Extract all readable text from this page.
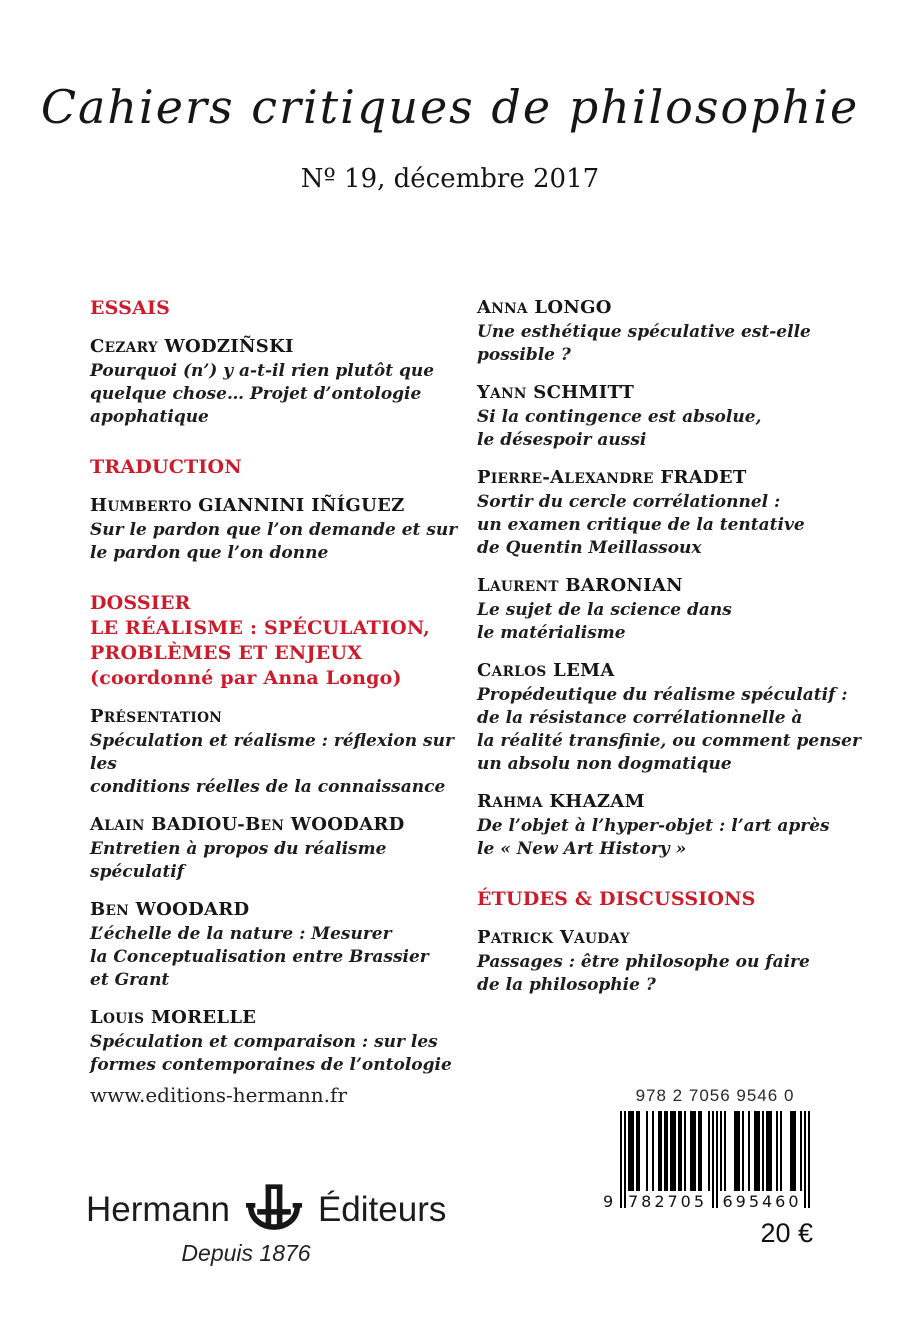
Cahiers critiques de philosophie
Nº 19, décembre 2017
ESSAIS
CEZARY WODZIÑSKI
Pourquoi (n’) y a-t-il rien plutôt que
quelque chose… Projet d’ontologie
apophatique
TRADUCTION
HUMBERTO GIANNINI IÑÍGUEZ
Sur le pardon que l’on demande et sur
le pardon que l’on donne
DOSSIER
LE RÉALISME : SPÉCULATION,
PROBLÈMES ET ENJEUX
(coordonné par Anna Longo)
PRÉSENTATION
Spéculation et réalisme : réflexion sur les
conditions réelles de la connaissance
ALAIN BADIOU-BEN WOODARD
Entretien à propos du réalisme spéculatif
BEN WOODARD
L’échelle de la nature : Mesurer
la Conceptualisation entre Brassier
et Grant
LOUIS MORELLE
Spéculation et comparaison : sur les
formes contemporaines de l’ontologie
ANNA LONGO
Une esthétique spéculative est-elle
possible ?
YANN SCHMITT
Si la contingence est absolue,
le désespoir aussi
PIERRE-ALEXANDRE FRADET
Sortir du cercle corrélationnel :
un examen critique de la tentative
de Quentin Meillassoux
LAURENT BARONIAN
Le sujet de la science dans
le matérialisme
CARLOS LEMA
Propédeutique du réalisme spéculatif :
de la résistance corrélationnelle à
la réalité transfinie, ou comment penser
un absolu non dogmatique
RAHMA KHAZAM
De l’objet à l’hyper-objet : l’art après
le « New Art History »
ÉTUDES & DISCUSSIONS
PATRICK VAUDAY
Passages : être philosophe ou faire
de la philosophie ?
www.editions-hermann.fr	978 2 7056 9546 0
9 782705 695460
20 €
Hermann	Éditeurs
Depuis 1876
